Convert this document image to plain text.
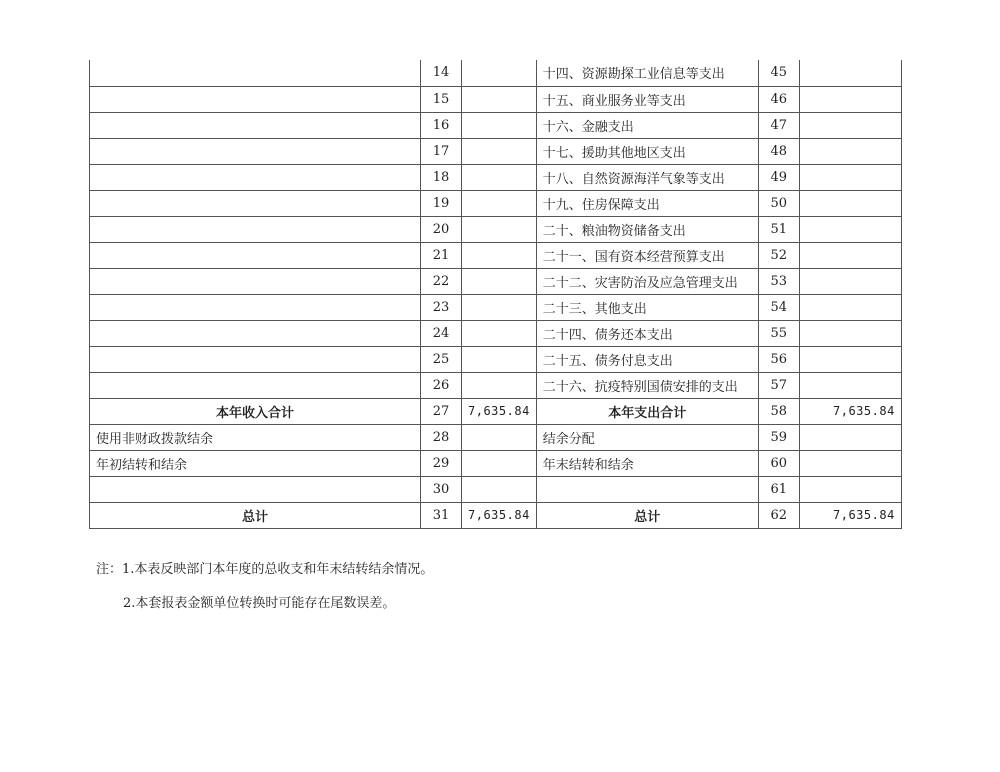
	14		十四、资源勘探工业信息等支出	45	
	15		十五、商业服务业等支出	46	
	16		十六、金融支出	47	
	17		十七、援助其他地区支出	48	
	18		十八、自然资源海洋气象等支出	49	
	19		十九、住房保障支出	50	
	20		二十、粮油物资储备支出	51	
	21		二十一、国有资本经营预算支出	52	
	22		二十二、灾害防治及应急管理支出	53	
	23		二十三、其他支出	54	
	24		二十四、债务还本支出	55	
	25		二十五、债务付息支出	56	
	26		二十六、抗疫特别国债安排的支出	57	
本年收入合计	27	7,635.84	本年支出合计	58	7,635.84
使用非财政拨款结余	28		结余分配	59	
年初结转和结余	29		年末结转和结余	60	
	30			61	
总计	31	7,635.84	总计	62	7,635.84
注：1.本表反映部门本年度的总收支和年末结转结余情况。
2.本套报表金额单位转换时可能存在尾数误差。
